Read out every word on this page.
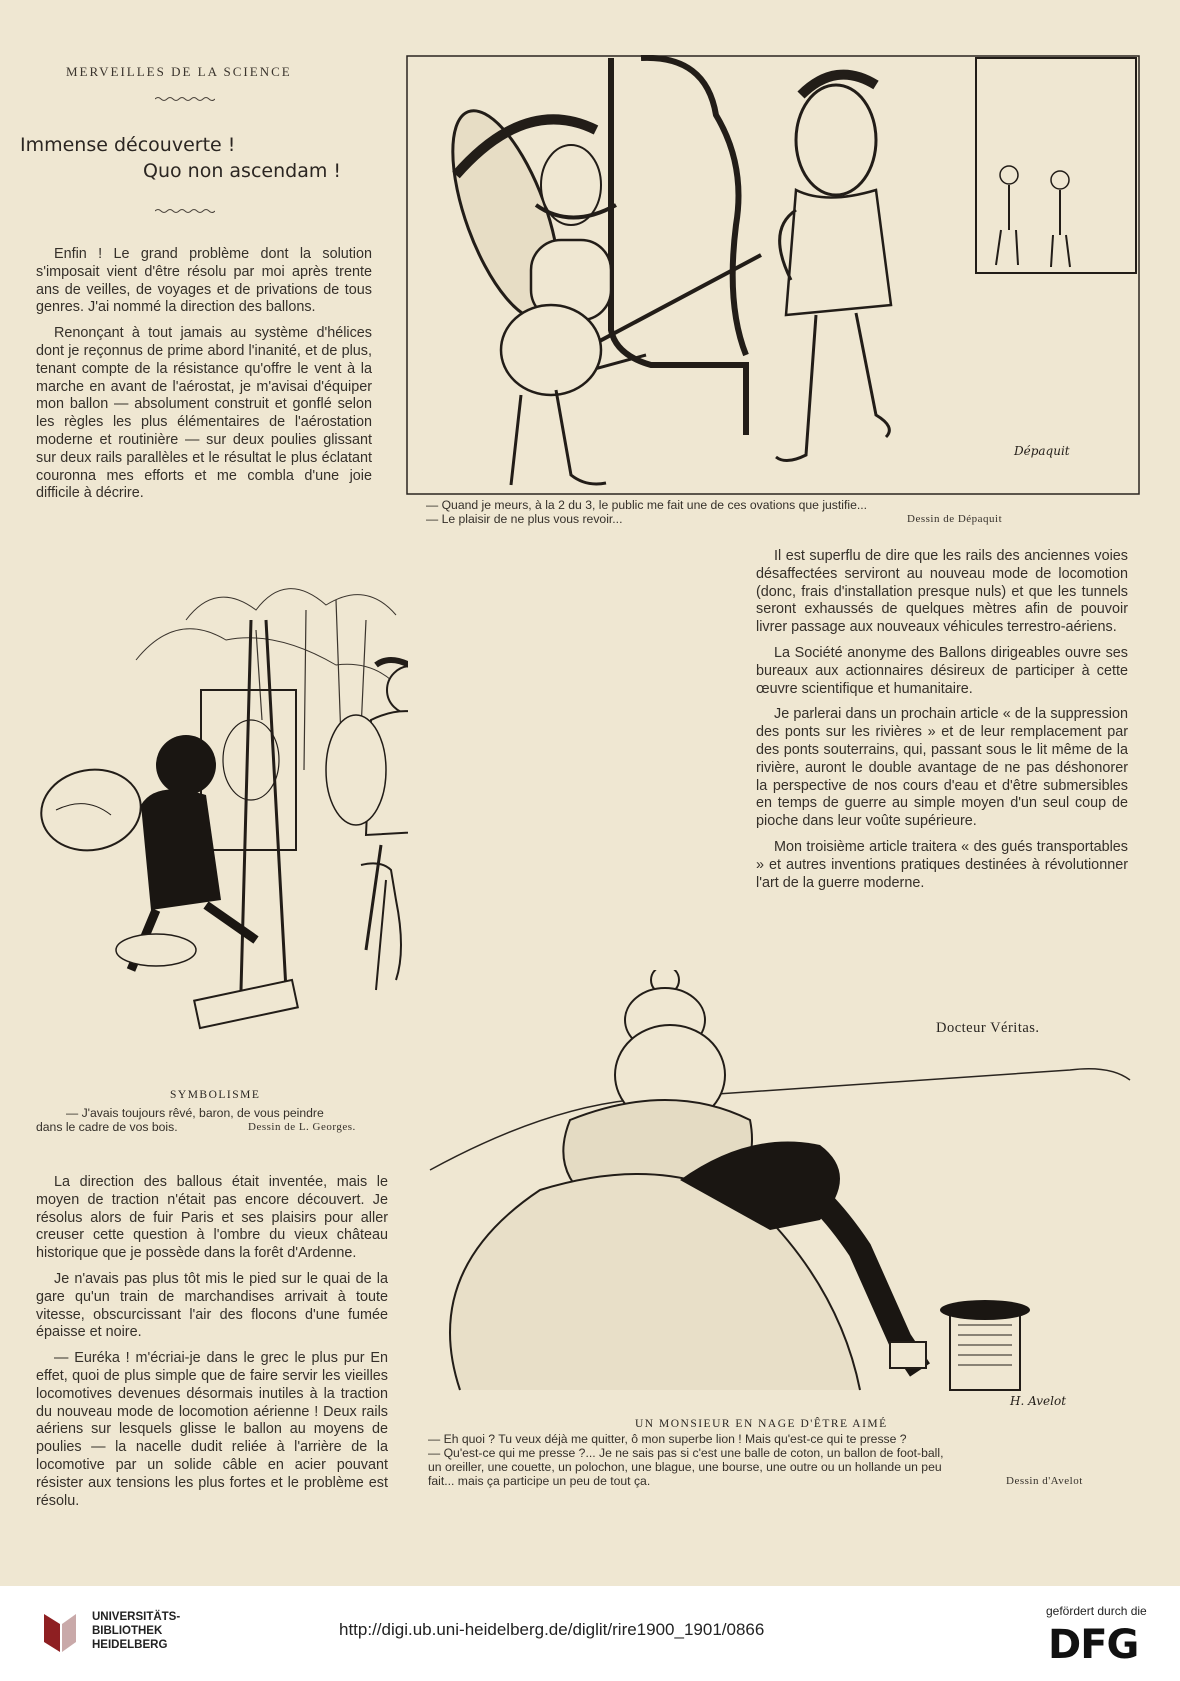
MERVEILLES DE LA SCIENCE
Immense découverte !
Quo non ascendam !

Enfin ! Le grand problème dont la solution s'imposait vient d'être résolu par moi après trente ans de veilles, de voyages et de privations de tous genres. J'ai nommé la direction des ballons.

Renonçant à tout jamais au système d'hélices dont je reçonnus de prime abord l'inanité, et de plus, tenant compte de la résistance qu'offre le vent à la marche en avant de l'aérostat, je m'avisai d'équiper mon ballon — absolument construit et gonflé selon les règles les plus élémentaires de l'aérostation moderne et routinière — sur deux poulies glissant sur deux rails parallèles et le résultat le plus éclatant couronna mes efforts et me combla d'une joie difficile à décrire.

Dépaquit
— Quand je meurs, à la 2 du 3, le public me fait une de ces ovations que justifie...
— Le plaisir de ne plus vous revoir...	Dessin de Dépaquit

Il est superflu de dire que les rails des anciennes voies désaffectées serviront au nouveau mode de locomotion (donc, frais d'installation presque nuls) et que les tunnels seront exhaussés de quelques mètres afin de pouvoir livrer passage aux nouveaux véhicules terrestro-aériens.

La Société anonyme des Ballons dirigeables ouvre ses bureaux aux actionnaires désireux de participer à cette œuvre scientifique et humanitaire.

Je parlerai dans un prochain article « de la suppression des ponts sur les rivières » et de leur remplacement par des ponts souterrains, qui, passant sous le lit même de la rivière, auront le double avantage de ne pas déshonorer la perspective de nos cours d'eau et d'être submersibles en temps de guerre au simple moyen d'un seul coup de pioche dans leur voûte supérieure.

Mon troisième article traitera « des gués transportables » et autres inventions pratiques destinées à révolutionner l'art de la guerre moderne.

Docteur Véritas.
SYMBOLISME
— J'avais toujours rêvé, baron, de vous peindre
dans le cadre de vos bois.	Dessin de L. Georges.

La direction des ballous était inventée, mais le moyen de traction n'était pas encore découvert. Je résolus alors de fuir Paris et ses plaisirs pour aller creuser cette question à l'ombre du vieux château historique que je possède dans la forêt d'Ardenne.

Je n'avais pas plus tôt mis le pied sur le quai de la gare qu'un train de marchandises arrivait à toute vitesse, obscurcissant l'air des flocons d'une fumée épaisse et noire.

— Euréka ! m'écriai-je dans le grec le plus pur En effet, quoi de plus simple que de faire servir les vieilles locomotives devenues désormais inutiles à la traction du nouveau mode de locomotion aérienne ! Deux rails aériens sur lesquels glisse le ballon au moyens de poulies — la nacelle dudit reliée à l'arrière de la locomotive par un solide câble en acier pouvant résister aux tensions les plus fortes et le problème est résolu.

H. Avelot
UN MONSIEUR EN NAGE D'ÊTRE AIMÉ
— Eh quoi ? Tu veux déjà me quitter, ô mon superbe lion ! Mais qu'est-ce qui te presse ?
— Qu'est-ce qui me presse ?... Je ne sais pas si c'est une balle de coton, un ballon de foot-ball,
un oreiller, une couette, un polochon, une blague, une bourse, une outre ou un hollande un peu
fait... mais ça participe un peu de tout ça.	Dessin d'Avelot
UNIVERSITÄTS-
BIBLIOTHEK
HEIDELBERG
http://digi.ub.uni-heidelberg.de/diglit/rire1900_1901/0866
gefördert durch die
DFG
